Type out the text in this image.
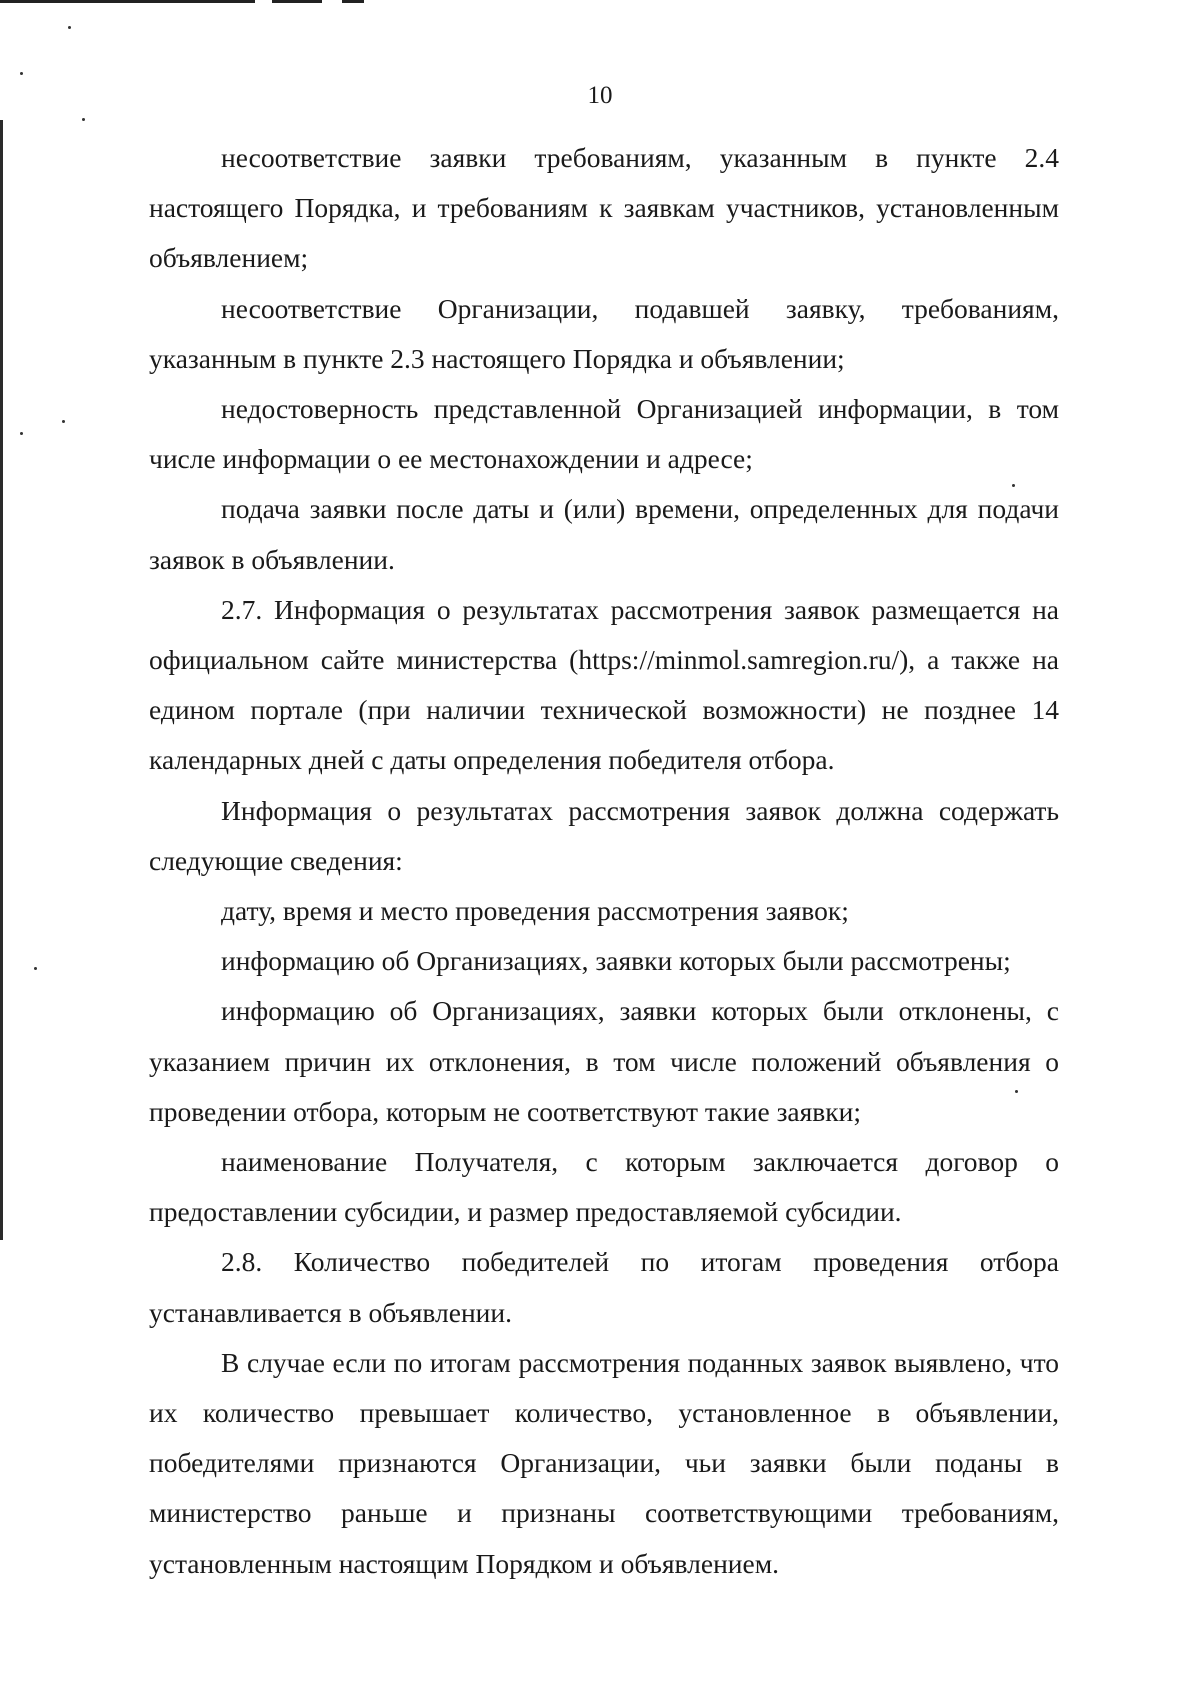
10

несоответствие заявки требованиям, указанным в пункте 2.4 настоящего Порядка, и требованиям к заявкам участников, установленным объявлением;

несоответствие Организации, подавшей заявку, требованиям, указанным в пункте 2.3 настоящего Порядка и объявлении;

недостоверность представленной Организацией информации, в том числе информации о ее местонахождении и адресе;

подача заявки после даты и (или) времени, определенных для подачи заявок в объявлении.

2.7. Информация о результатах рассмотрения заявок размещается на официальном сайте министерства (https://minmol.samregion.ru/), а также на едином портале (при наличии технической возможности) не позднее 14 календарных дней с даты определения победителя отбора.

Информация о результатах рассмотрения заявок должна содержать следующие сведения:

дату, время и место проведения рассмотрения заявок;

информацию об Организациях, заявки которых были рассмотрены;

информацию об Организациях, заявки которых были отклонены, с указанием причин их отклонения, в том числе положений объявления о проведении отбора, которым не соответствуют такие заявки;

наименование Получателя, с которым заключается договор о предоставлении субсидии, и размер предоставляемой субсидии.

2.8. Количество победителей по итогам проведения отбора устанавливается в объявлении.

В случае если по итогам рассмотрения поданных заявок выявлено, что их количество превышает количество, установленное в объявлении, победителями признаются Организации, чьи заявки были поданы в министерство раньше и признаны соответствующими требованиям, установленным настоящим Порядком и объявлением.
